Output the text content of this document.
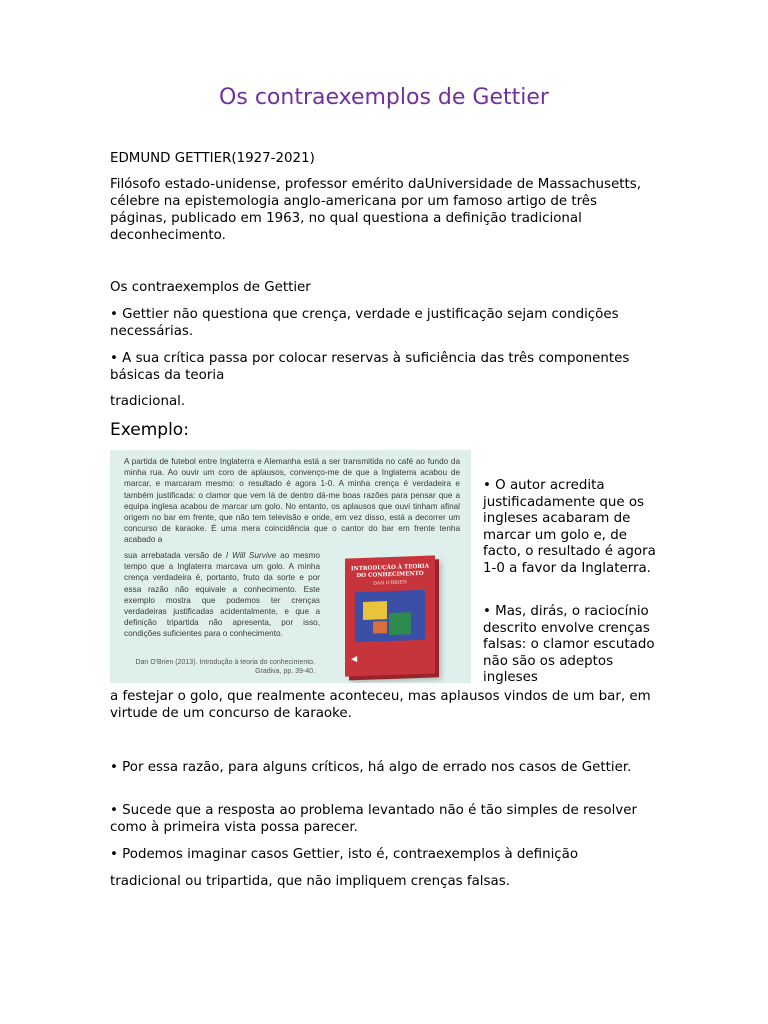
Os contraexemplos de Gettier

EDMUND GETTIER(1927-2021)

Filósofo estado-unidense, professor emérito daUniversidade de Massachusetts, célebre na epistemologia anglo-americana por um famoso artigo de três páginas, publicado em 1963, no qual questiona a definição tradicional deconhecimento.

Os contraexemplos de Gettier

• Gettier não questiona que crença, verdade e justificação sejam condições necessárias.

• A sua crítica passa por colocar reservas à suficiência das três componentes básicas da teoria

tradicional.

Exemplo:

A partida de futebol entre Inglaterra e Alemanha está a ser transmitida no café ao fundo da minha rua. Ao ouvir um coro de aplausos, convenço-me de que a Inglaterra acabou de marcar, e marcaram mesmo: o resultado é agora 1-0. A minha crença é verdadeira e também justificada: o clamor que vem lá de dentro dá-me boas razões para pensar que a equipa inglesa acabou de marcar um golo. No entanto, os aplausos que ouvi tinham afinal origem no bar em frente, que não tem televisão e onde, em vez disso, está a decorrer um concurso de karaoke. É uma mera coincidência que o cantor do bar em frente tenha acabado a

sua arrebatada versão de I Will Survive ao mesmo tempo que a Inglaterra marcava um golo. A minha crença verdadeira é, portanto, fruto da sorte e por essa razão não equivale a conhecimento. Este exemplo mostra que podemos ter crenças verdadeiras justificadas acidentalmente, e que a definição tripartida não apresenta, por isso, condições suficientes para o conhecimento.

INTRODUÇÃO À TEORIA DO CONHECIMENTO

DAN O'BRIEN

◀
Dan O'Brien (2013). Introdução à teoria do conhecimento.
Gradiva, pp. 39-40.

• O autor acredita justificadamente que os ingleses acabaram de marcar um golo e, de facto, o resultado é agora 1-0 a favor da Inglaterra.

• Mas, dirás, o raciocínio descrito envolve crenças falsas: o clamor escutado não são os adeptos ingleses

a festejar o golo, que realmente aconteceu, mas aplausos vindos de um bar, em virtude de um concurso de karaoke.

• Por essa razão, para alguns críticos, há algo de errado nos casos de Gettier.

• Sucede que a resposta ao problema levantado não é tão simples de resolver como à primeira vista possa parecer.

• Podemos imaginar casos Gettier, isto é, contraexemplos à definição

tradicional ou tripartida, que não impliquem crenças falsas.
